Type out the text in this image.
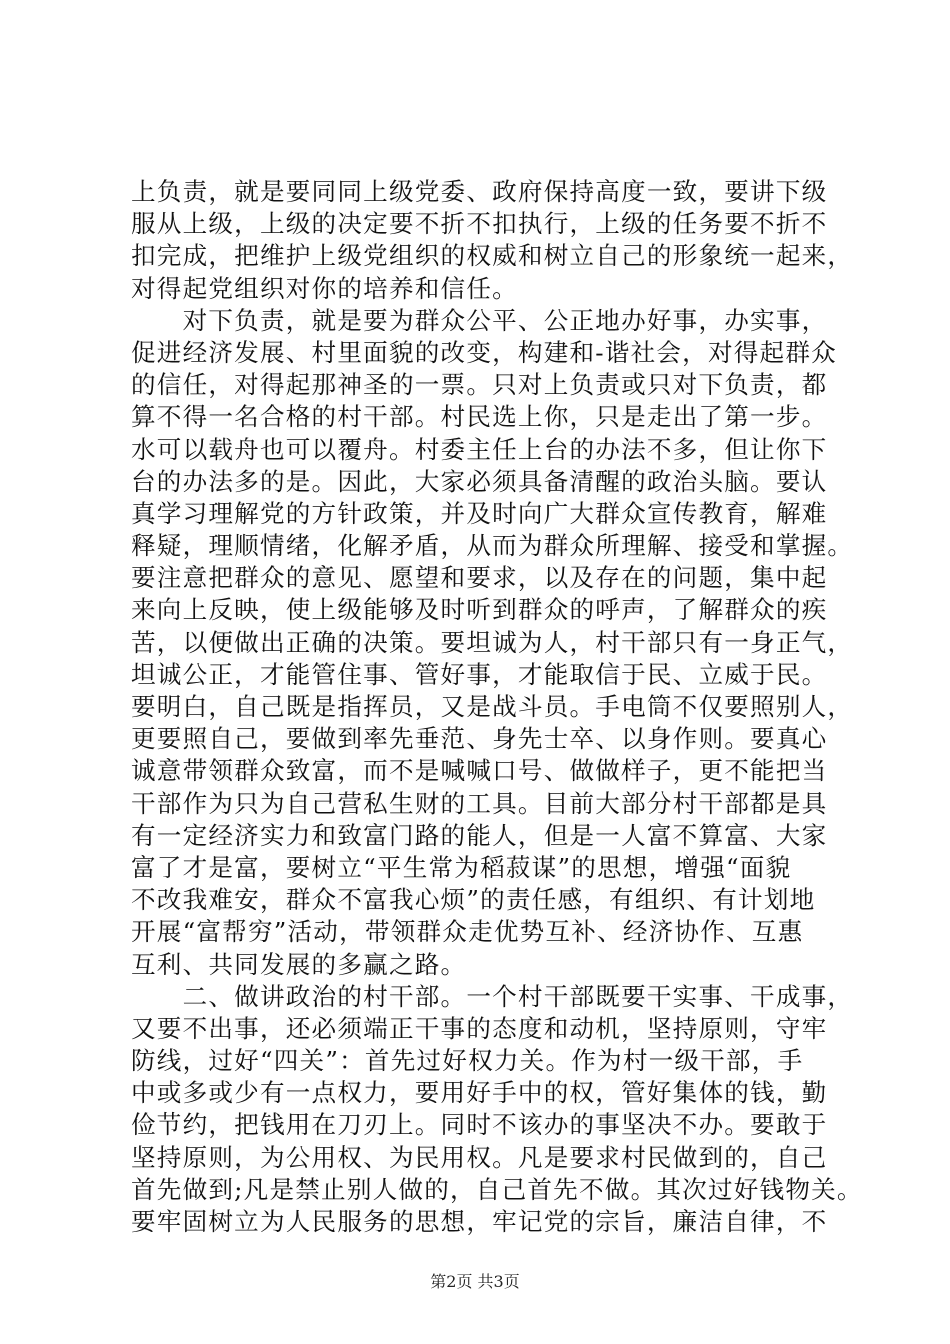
上负责，就是要同同上级党委、政府保持高度一致，要讲下级
服从上级，上级的决定要不折不扣执行，上级的任务要不折不
扣完成，把维护上级党组织的权威和树立自己的形象统一起来，
对得起党组织对你的培养和信任。
　　对下负责，就是要为群众公平、公正地办好事，办实事，
促进经济发展、村里面貌的改变，构建和-谐社会，对得起群众
的信任，对得起那神圣的一票。只对上负责或只对下负责，都
算不得一名合格的村干部。村民选上你，只是走出了第一步。
水可以载舟也可以覆舟。村委主任上台的办法不多，但让你下
台的办法多的是。因此，大家必须具备清醒的政治头脑。要认
真学习理解党的方针政策，并及时向广大群众宣传教育，解难
释疑，理顺情绪，化解矛盾，从而为群众所理解、接受和掌握。
要注意把群众的意见、愿望和要求，以及存在的问题，集中起
来向上反映，使上级能够及时听到群众的呼声，了解群众的疾
苦，以便做出正确的决策。要坦诚为人，村干部只有一身正气，
坦诚公正，才能管住事、管好事，才能取信于民、立威于民。
要明白，自己既是指挥员，又是战斗员。手电筒不仅要照别人，
更要照自己，要做到率先垂范、身先士卒、以身作则。要真心
诚意带领群众致富，而不是喊喊口号、做做样子，更不能把当
干部作为只为自己营私生财的工具。目前大部分村干部都是具
有一定经济实力和致富门路的能人，但是一人富不算富、大家
富了才是富，要树立“平生常为稻菽谋”的思想，增强“面貌
不改我难安，群众不富我心烦”的责任感，有组织、有计划地
开展“富帮穷”活动，带领群众走优势互补、经济协作、互惠
互利、共同发展的多赢之路。
　　二、做讲政治的村干部。一个村干部既要干实事、干成事，
又要不出事，还必须端正干事的态度和动机，坚持原则，守牢
防线，过好“四关”：首先过好权力关。作为村一级干部，手
中或多或少有一点权力，要用好手中的权，管好集体的钱，勤
俭节约，把钱用在刀刃上。同时不该办的事坚决不办。要敢于
坚持原则，为公用权、为民用权。凡是要求村民做到的，自己
首先做到;凡是禁止别人做的，自己首先不做。其次过好钱物关。
要牢固树立为人民服务的思想，牢记党的宗旨，廉洁自律，不
第2页 共3页
